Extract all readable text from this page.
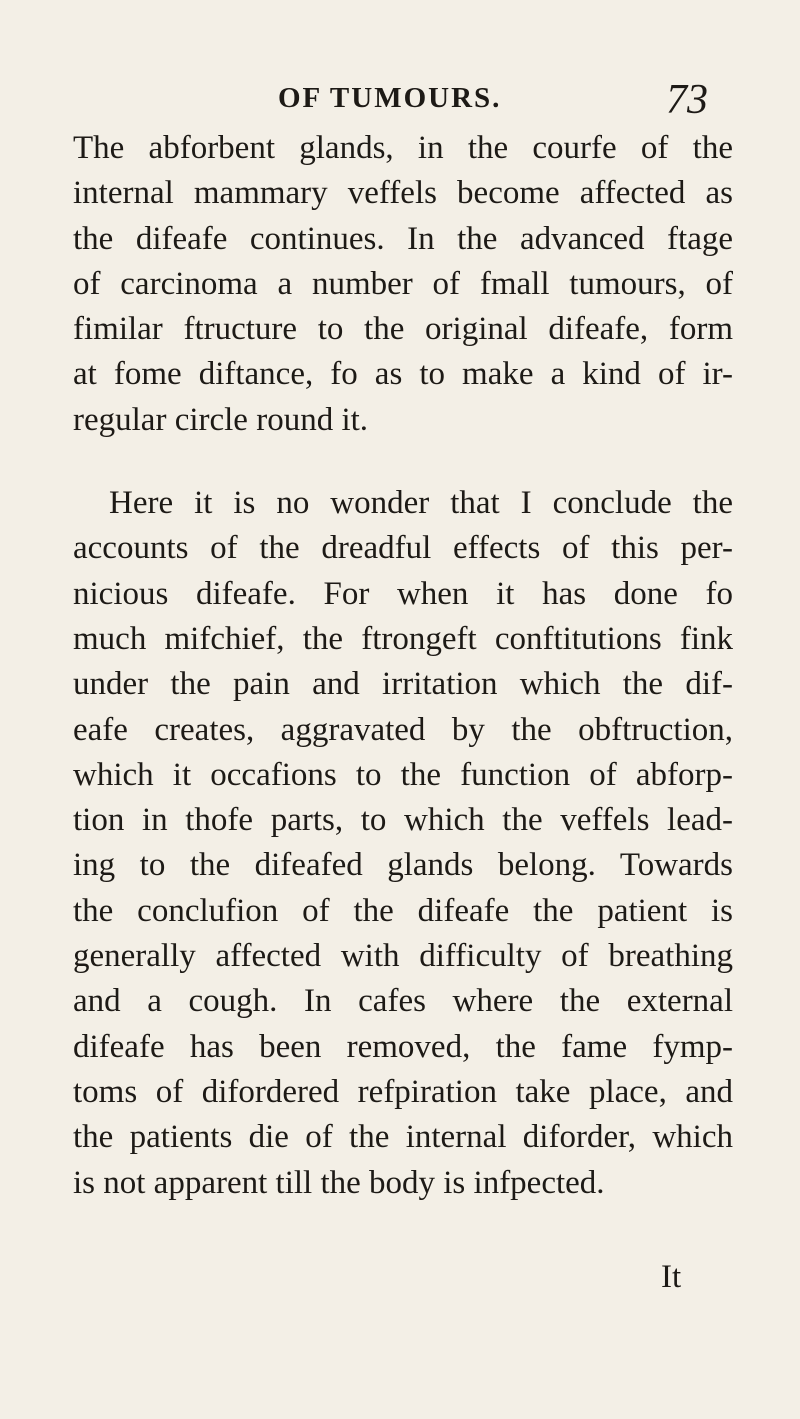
OF TUMOURS.	73
The abforbent glands, in the courfe of the
internal mammary veffels become affected as
the difeafe continues. In the advanced ftage
of carcinoma a number of fmall tumours, of
fimilar ftructure to the original difeafe, form
at fome diftance, fo as to make a kind of ir-
regular circle round it.
Here it is no wonder that I conclude the
accounts of the dreadful effects of this per-
nicious difeafe. For when it has done fo
much mifchief, the ftrongeft conftitutions fink
under the pain and irritation which the dif-
eafe creates, aggravated by the obftruction,
which it occafions to the function of abforp-
tion in thofe parts, to which the veffels lead-
ing to the difeafed glands belong. Towards
the conclufion of the difeafe the patient is
generally affected with difficulty of breathing
and a cough. In cafes where the external
difeafe has been removed, the fame fymp-
toms of difordered refpiration take place, and
the patients die of the internal diforder, which
is not apparent till the body is infpected.
It
